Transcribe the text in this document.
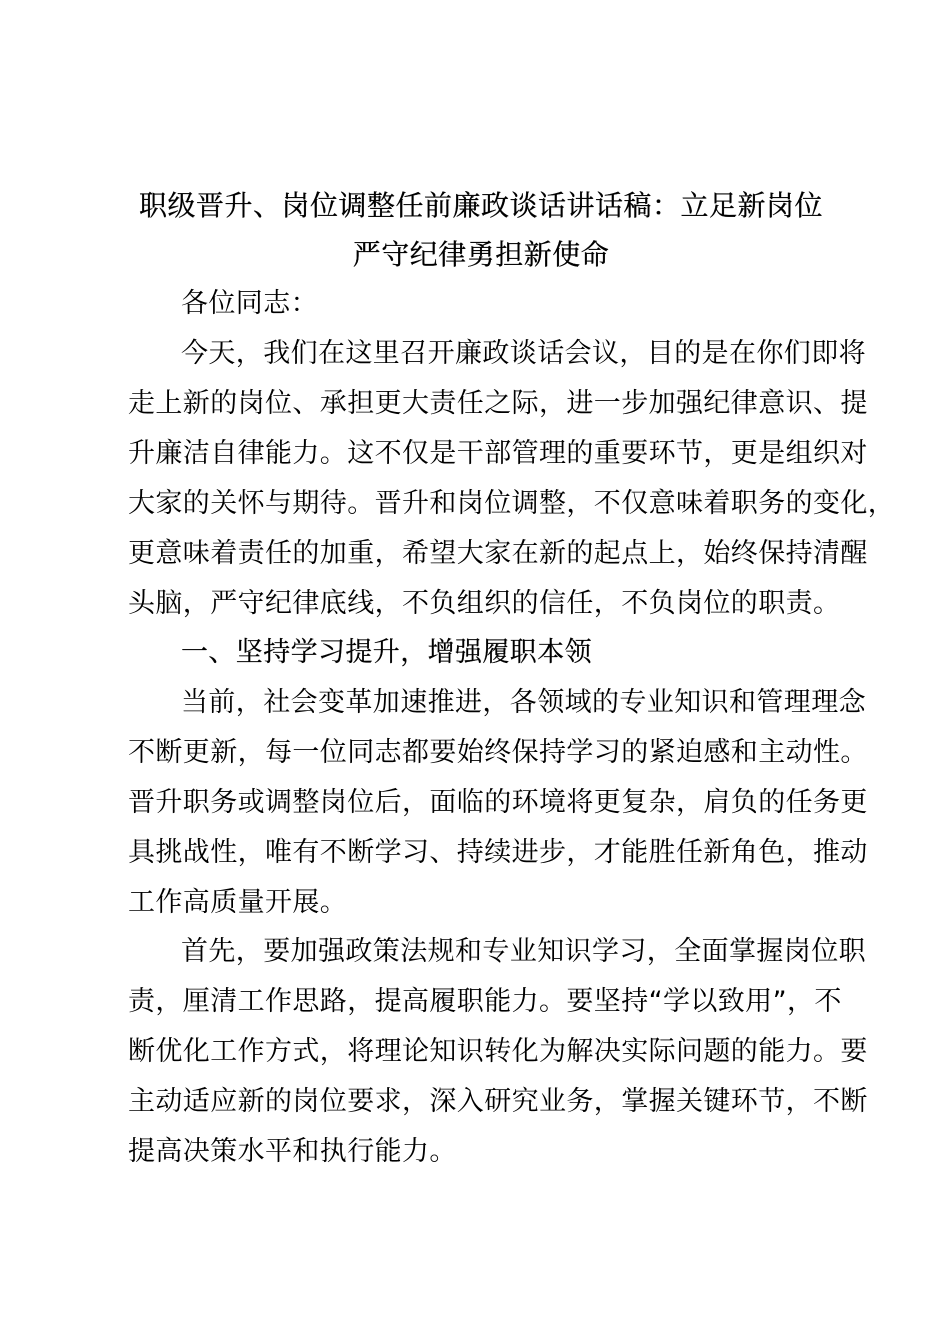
职级晋升、岗位调整任前廉政谈话讲话稿：立足新岗位
严守纪律勇担新使命

各位同志：

今天，我们在这里召开廉政谈话会议，目的是在你们即将

走上新的岗位、承担更大责任之际，进一步加强纪律意识、提

升廉洁自律能力。这不仅是干部管理的重要环节，更是组织对

大家的关怀与期待。晋升和岗位调整，不仅意味着职务的变化，

更意味着责任的加重，希望大家在新的起点上，始终保持清醒

头脑，严守纪律底线，不负组织的信任，不负岗位的职责。

一、坚持学习提升，增强履职本领

当前，社会变革加速推进，各领域的专业知识和管理理念

不断更新，每一位同志都要始终保持学习的紧迫感和主动性。

晋升职务或调整岗位后，面临的环境将更复杂，肩负的任务更

具挑战性，唯有不断学习、持续进步，才能胜任新角色，推动

工作高质量开展。

首先，要加强政策法规和专业知识学习，全面掌握岗位职

责，厘清工作思路，提高履职能力。要坚持“学以致用”，不

断优化工作方式，将理论知识转化为解决实际问题的能力。要

主动适应新的岗位要求，深入研究业务，掌握关键环节，不断

提高决策水平和执行能力。
